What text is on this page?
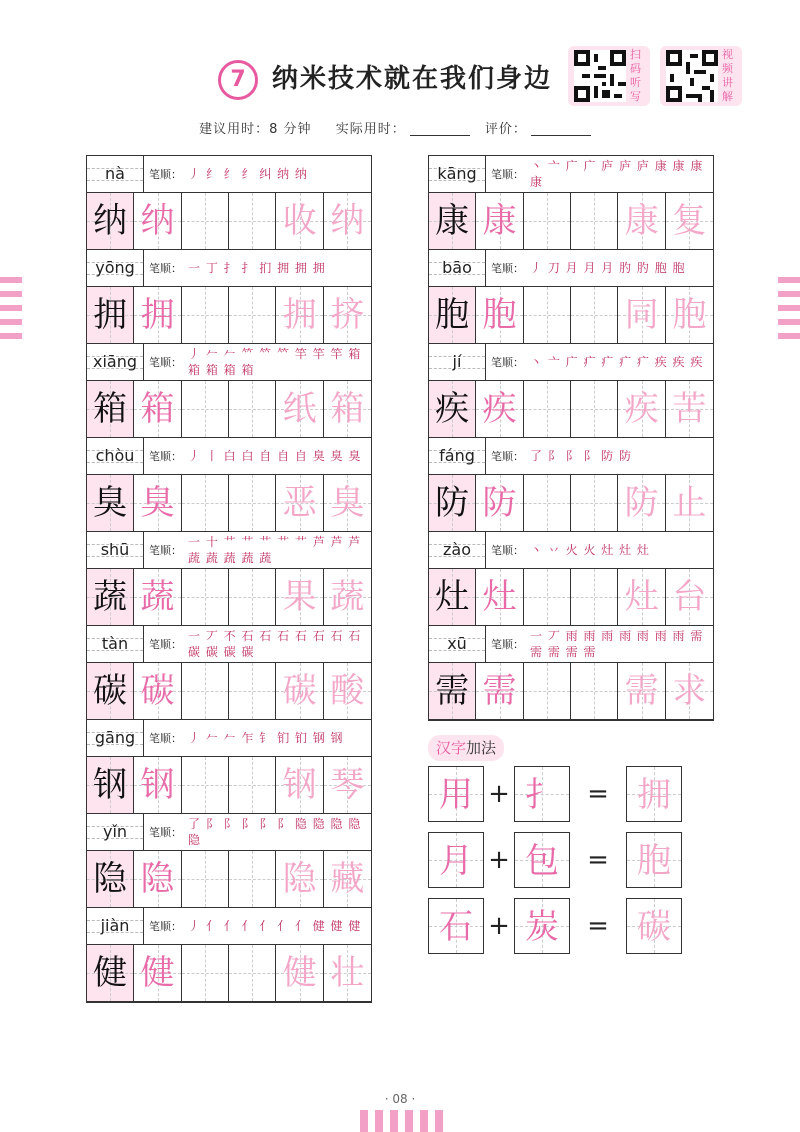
7	纳米技术就在我们身边
扫码听写
视频讲解
建议用时：8 分钟 实际用时：	评价：
nà	笔顺： 丿 纟 纟 纟 纠 纳 纳
纳 纳	收 纳
yōng	笔顺： 一 丁 扌 扌 扪 拥 拥 拥
拥 拥	拥 挤
xiāng	笔顺：
丿 𠂉 𠂉 𥫗 𥫗 𥫗 竿 竿 竿 箱 箱 箱 箱 箱
箱 箱	纸 箱
chòu	笔顺： 丿 丨 白 白 自 自 自 臭 臭 臭
臭 臭	恶 臭
shū	笔顺：
一 十 艹 艹 艹 艹 艹 芦 芦 芦 蔬 蔬 蔬 蔬 蔬
蔬 蔬	果 蔬
tàn	笔顺：
一 丆 不 石 石 石 石 石 石 石 碳 碳 碳 碳
碳 碳	碳 酸
gāng	笔顺： 丿 𠂉 𠂉 乍 钅 钔 钔 钢 钢
钢 钢	钢 琴
yǐn	笔顺：
了 阝 阝 阝 阝 阝 隐 隐 隐 隐 隐
隐 隐	隐 藏
jiàn	笔顺： 丿 亻 亻 亻 亻 亻 亻 健 健 健
健 健	健 壮
kāng	笔顺：
丶 亠 广 广 庐 庐 庐 康 康 康 康
康 康	康 复
bāo	笔顺： 丿 刀 月 月 月 肑 肑 胞 胞
胞 胞	同 胞
jí	笔顺： 丶 亠 广 疒 疒 疒 疒 疾 疾 疾
疾 疾	疾 苦
fáng	笔顺： 了 阝 阝 阝 防 防
防 防	防 止
zào	笔顺： 丶 丷 火 火 灶 灶 灶
灶 灶	灶 台
xū	笔顺：
一 丆 雨 雨 雨 雨 雨 雨 雨 需 需 需 需 需
需 需	需 求
汉字加法
用 + 扌	= 拥
月 + 包	= 胞
石 + 炭	= 碳
· 08 ·
